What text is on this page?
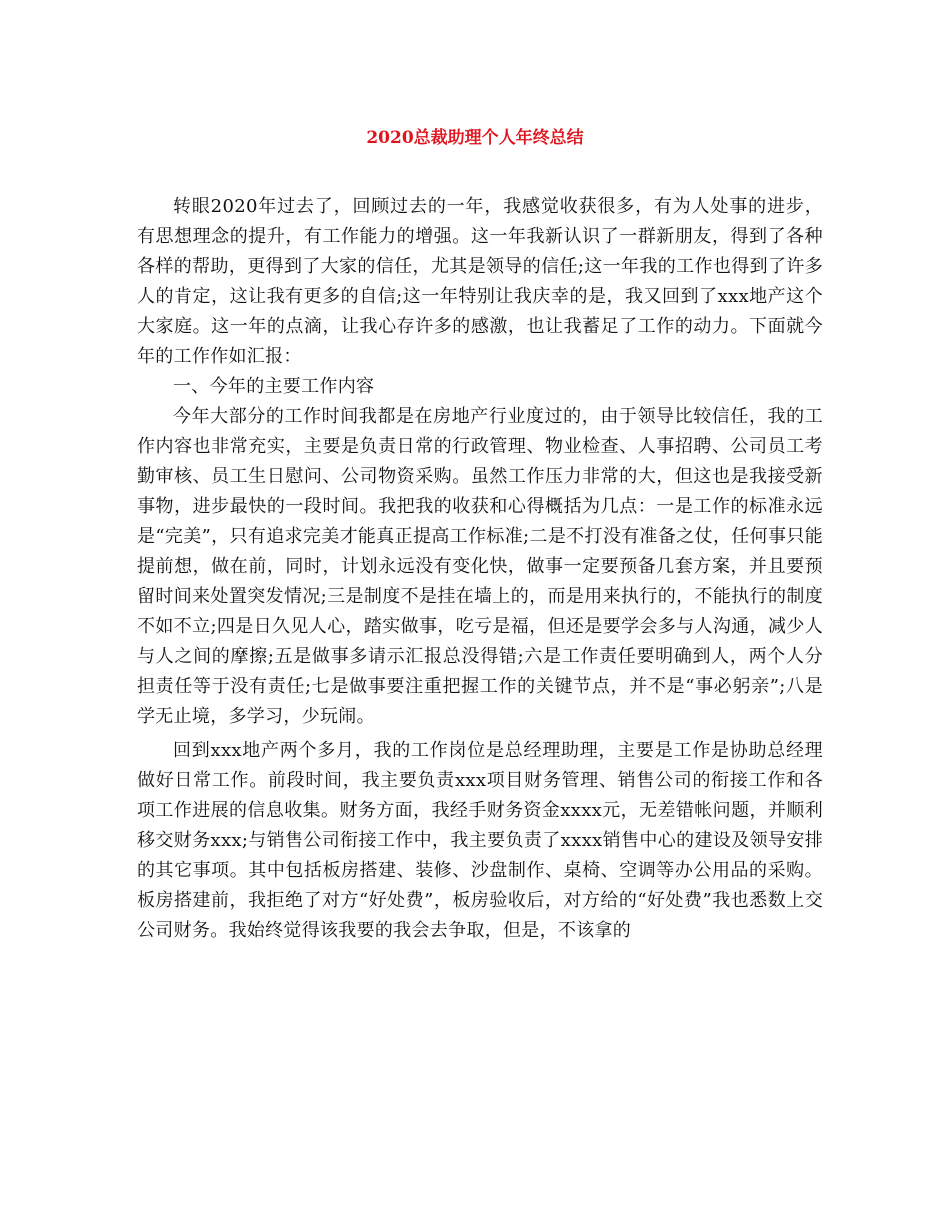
2020总裁助理个人年终总结

转眼2020年过去了，回顾过去的一年，我感觉收获很多，有为人处事的进步，有思想理念的提升，有工作能力的增强。这一年我新认识了一群新朋友，得到了各种各样的帮助，更得到了大家的信任，尤其是领导的信任;这一年我的工作也得到了许多人的肯定，这让我有更多的自信;这一年特别让我庆幸的是，我又回到了xxx地产这个大家庭。这一年的点滴，让我心存许多的感激，也让我蓄足了工作的动力。下面就今年的工作作如汇报：

一、今年的主要工作内容

今年大部分的工作时间我都是在房地产行业度过的，由于领导比较信任，我的工作内容也非常充实，主要是负责日常的行政管理、物业检查、人事招聘、公司员工考勤审核、员工生日慰问、公司物资采购。虽然工作压力非常的大，但这也是我接受新事物，进步最快的一段时间。我把我的收获和心得概括为几点：一是工作的标准永远是“完美”，只有追求完美才能真正提高工作标准;二是不打没有准备之仗，任何事只能提前想，做在前，同时，计划永远没有变化快，做事一定要预备几套方案，并且要预留时间来处置突发情况;三是制度不是挂在墙上的，而是用来执行的，不能执行的制度不如不立;四是日久见人心，踏实做事，吃亏是福，但还是要学会多与人沟通，减少人与人之间的摩擦;五是做事多请示汇报总没得错;六是工作责任要明确到人，两个人分担责任等于没有责任;七是做事要注重把握工作的关键节点，并不是“事必躬亲”;八是学无止境，多学习，少玩闹。

回到xxx地产两个多月，我的工作岗位是总经理助理，主要是工作是协助总经理做好日常工作。前段时间，我主要负责xxx项目财务管理、销售公司的衔接工作和各项工作进展的信息收集。财务方面，我经手财务资金xxxx元，无差错帐问题，并顺利移交财务xxx;与销售公司衔接工作中，我主要负责了xxxx销售中心的建设及领导安排的其它事项。其中包括板房搭建、装修、沙盘制作、桌椅、空调等办公用品的采购。板房搭建前，我拒绝了对方“好处费”，板房验收后，对方给的“好处费”我也悉数上交公司财务。我始终觉得该我要的我会去争取，但是，不该拿的
